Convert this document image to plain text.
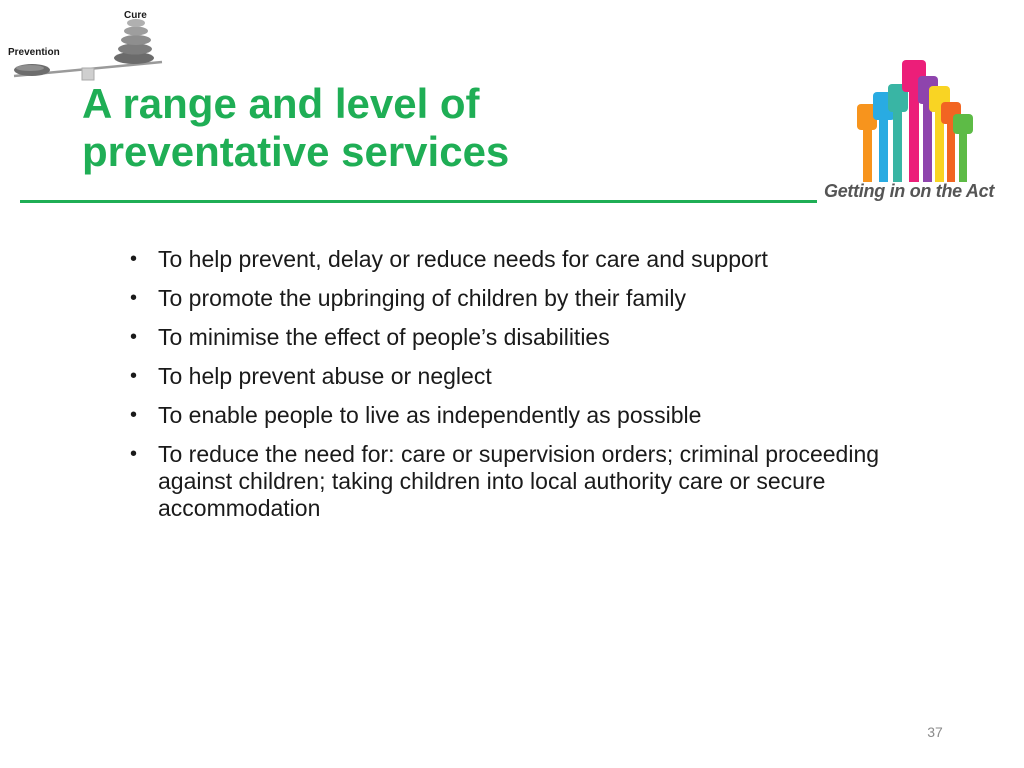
Cure
Prevention
A range and level of
preventative services

Getting in on the Act

• To help prevent, delay or reduce needs for care and support
• To promote the upbringing of children by their family
• To minimise the effect of people’s disabilities
• To help prevent abuse or neglect
• To enable people to live as independently as possible
• To reduce the need for: care or supervision orders; criminal proceeding against children; taking children into local authority care or secure accommodation
37
